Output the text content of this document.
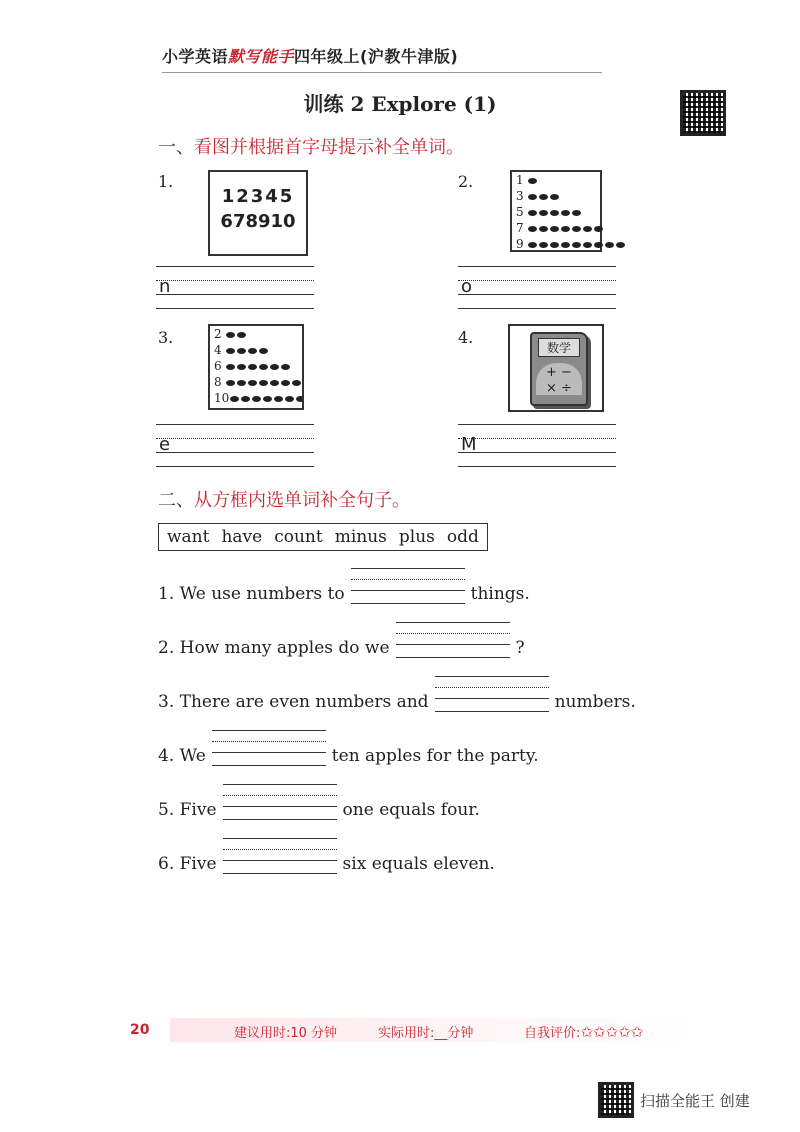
小学英语默写能手四年级上(沪教牛津版)
训练 2 Explore (1)
一、看图并根据首字母提示补全单词。
1.
12345
678910
n
2.	1
3
5
7
9
o
3.	2
4
6
8
10
e
4.
数学
+ − × ÷
M
二、从方框内选单词补全句子。
want have count minus plus odd
1. We use numbers to	things.
2. How many apples do we	?
3. There are even numbers and	numbers.
4. We	ten apples for the party.
5. Five	one equals four.
6. Five	six equals eleven.
20	建议用时:10 分钟	实际用时:__分钟	自我评价:✩✩✩✩✩
扫描全能王 创建
